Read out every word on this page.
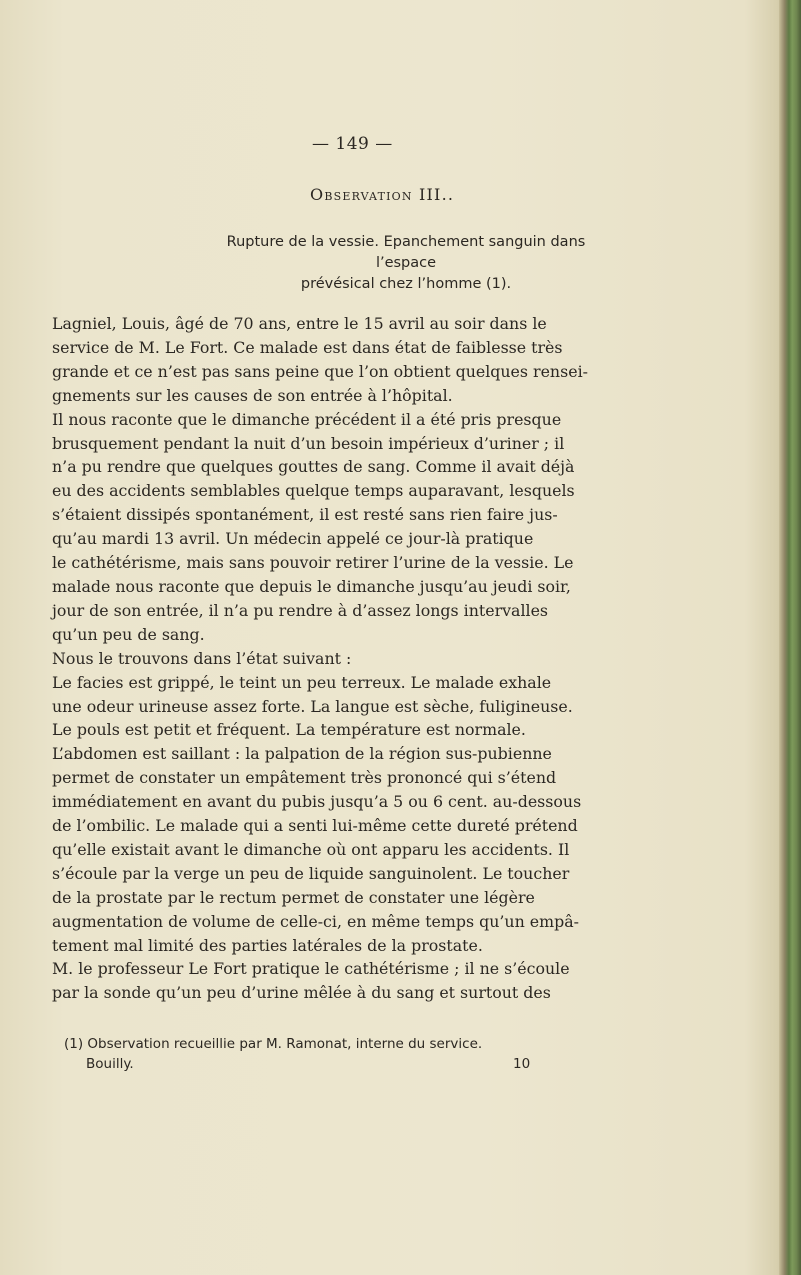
— 149 —
Observation III..
Rupture de la vessie. Epanchement sanguin dans l’espace
prévésical chez l’homme (1).
Lagniel, Louis, âgé de 70 ans, entre le 15 avril au soir dans le
service de M. Le Fort. Ce malade est dans état de faiblesse très
grande et ce n’est pas sans peine que l’on obtient quelques rensei-
gnements sur les causes de son entrée à l’hôpital.
Il nous raconte que le dimanche précédent il a été pris presque
brusquement pendant la nuit d’un besoin impérieux d’uriner ; il
n’a pu rendre que quelques gouttes de sang. Comme il avait déjà
eu des accidents semblables quelque temps auparavant, lesquels
s’étaient dissipés spontanément, il est resté sans rien faire jus-
qu’au mardi 13 avril. Un médecin appelé ce jour-là pratique
le cathétérisme, mais sans pouvoir retirer l’urine de la vessie. Le
malade nous raconte que depuis le dimanche jusqu’au jeudi soir,
jour de son entrée, il n’a pu rendre à d’assez longs intervalles
qu’un peu de sang.
Nous le trouvons dans l’état suivant :
Le facies est grippé, le teint un peu terreux. Le malade exhale
une odeur urineuse assez forte. La langue est sèche, fuligineuse.
Le pouls est petit et fréquent. La température est normale.
L’abdomen est saillant : la palpation de la région sus-pubienne
permet de constater un empâtement très prononcé qui s’étend
immédiatement en avant du pubis jusqu’a 5 ou 6 cent. au-dessous
de l’ombilic. Le malade qui a senti lui-même cette dureté prétend
qu’elle existait avant le dimanche où ont apparu les accidents. Il
s’écoule par la verge un peu de liquide sanguinolent. Le toucher
de la prostate par le rectum permet de constater une légère
augmentation de volume de celle-ci, en même temps qu’un empâ-
tement mal limité des parties latérales de la prostate.
M. le professeur Le Fort pratique le cathétérisme ; il ne s’écoule
par la sonde qu’un peu d’urine mêlée à du sang et surtout des
(1) Observation recueillie par M. Ramonat, interne du service.
Bouilly.	10
